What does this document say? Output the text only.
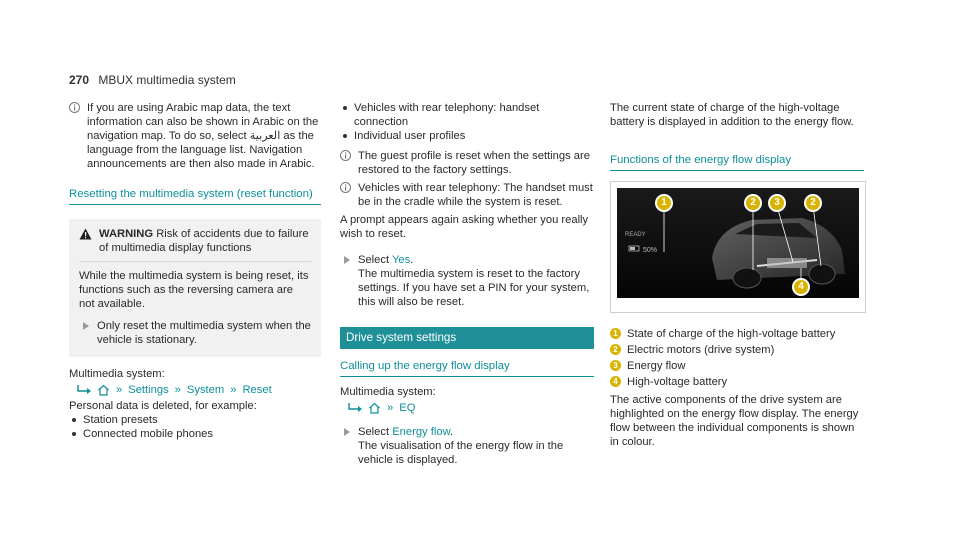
270 MBUX multimedia system

If you are using Arabic map data, the text information can also be shown in Arabic on the navigation map. To do so, select العربية as the language from the language list. Navigation announcements are then also made in Arabic.

Resetting the multimedia system (reset function)
WARNING Risk of accidents due to failure of multimedia display functions

While the multimedia system is being reset, its functions such as the reversing camera are not available.

Only reset the multimedia system when the vehicle is stationary.

Multimedia system:

» Settings » System » Reset

Personal data is deleted, for example:

Station presets
Connected mobile phones
Vehicles with rear telephony: handset connection
Individual user profiles

The guest profile is reset when the settings are restored to the factory settings.

Vehicles with rear telephony: The handset must be in the cradle while the system is reset.

A prompt appears again asking whether you really wish to reset.

Select Yes.

The multimedia system is reset to the factory settings. If you have set a PIN for your system, this will also be reset.

Drive system settings
Calling up the energy flow display

Multimedia system:

» EQ
Select Energy flow.

The visualisation of the energy flow in the vehicle is displayed.

The current state of charge of the high-voltage battery is displayed in addition to the energy flow.

Functions of the energy flow display
READY
50%
1	2	3	2
4
1 State of charge of the high-voltage battery
2 Electric motors (drive system)
3 Energy flow
4 High-voltage battery

The active components of the drive system are highlighted on the energy flow display. The energy flow between the individual components is shown in colour.
